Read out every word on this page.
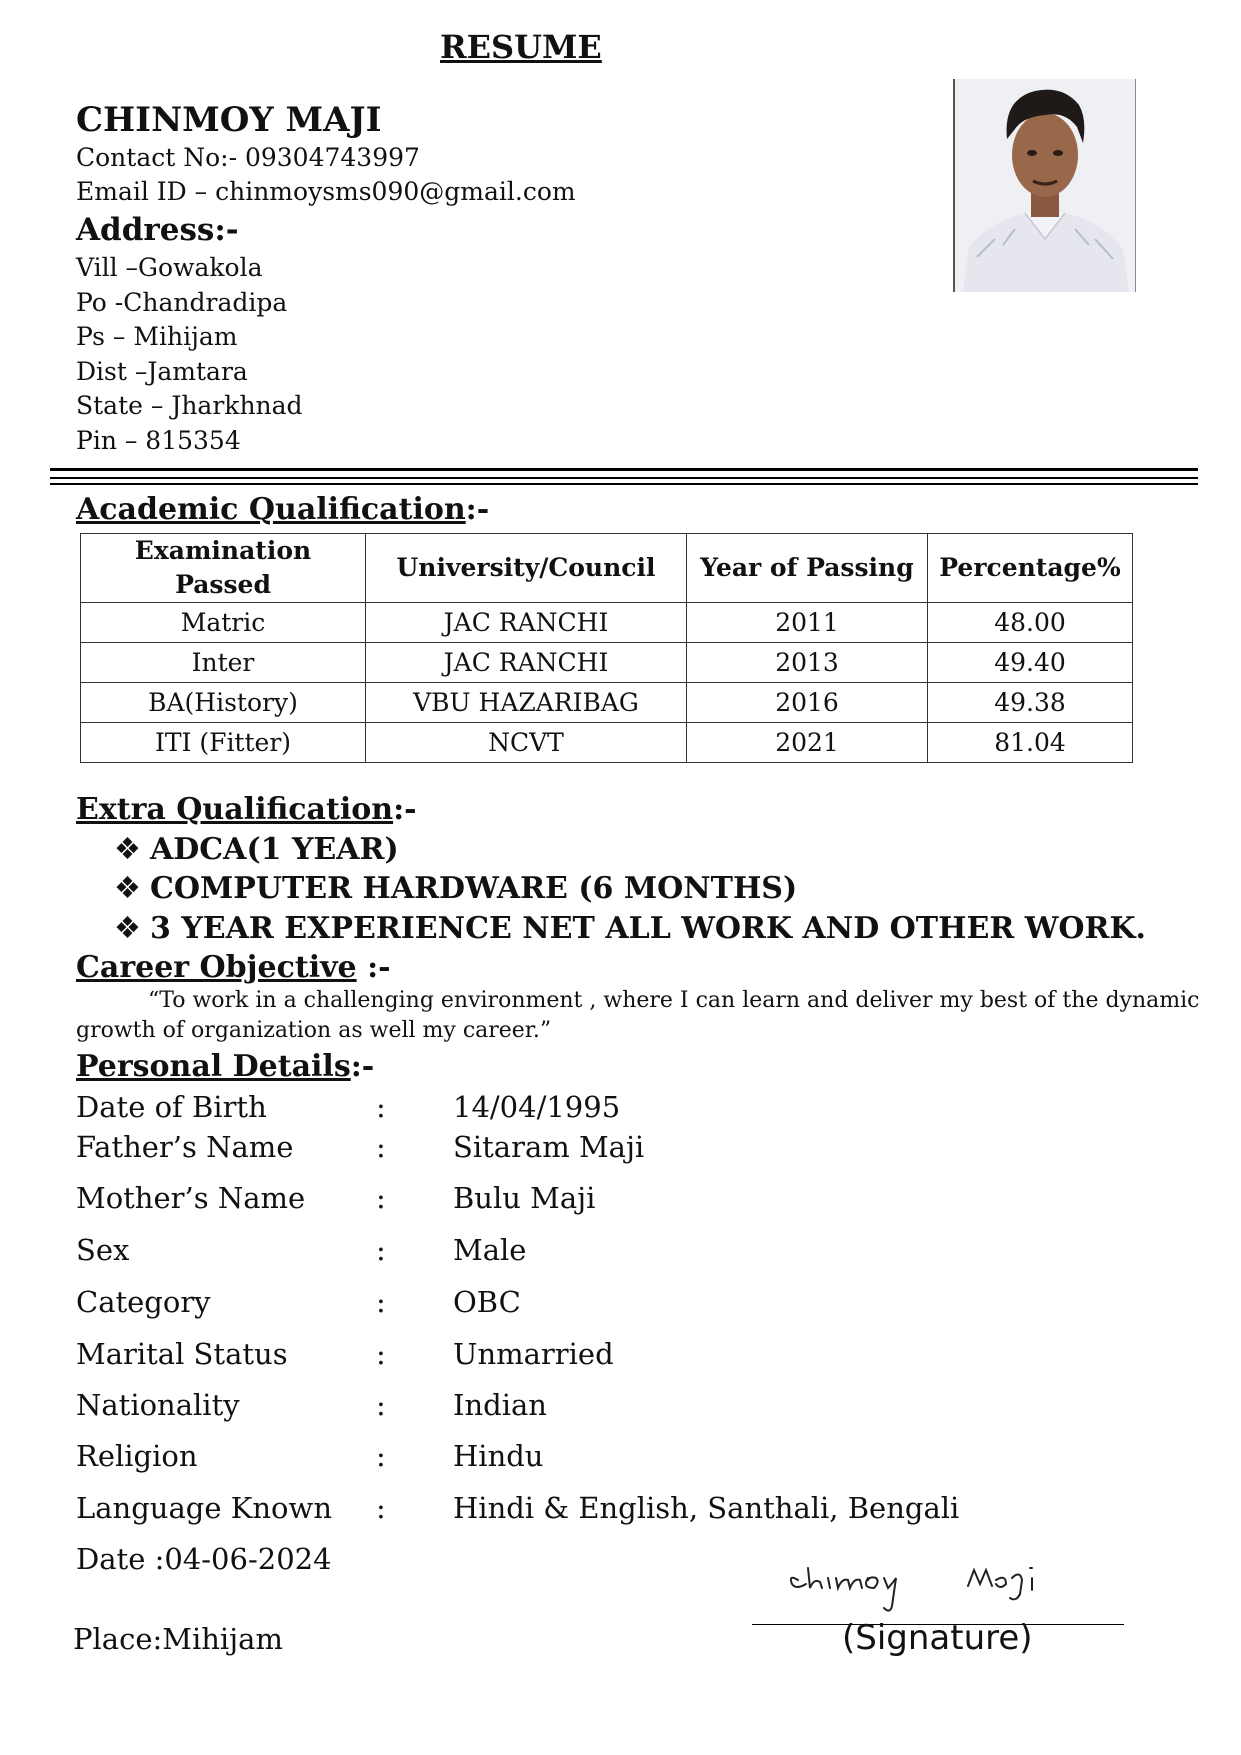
RESUME
CHINMOY MAJI
Contact No:- 09304743997
Email ID – chinmoysms090@gmail.com
Address:-
Vill –Gowakola
Po -Chandradipa
Ps – Mihijam
Dist –Jamtara
State – Jharkhnad
Pin – 815354
Academic Qualification:-
Examination Passed	University/Council	Year of Passing	Percentage%
Matric	JAC RANCHI	2011	48.00
Inter	JAC RANCHI	2013	49.40
BA(History)	VBU HAZARIBAG	2016	49.38
ITI (Fitter)	NCVT	2021	81.04
Extra Qualification:-
❖ ADCA(1 YEAR)
❖ COMPUTER HARDWARE (6 MONTHS)
❖ 3 YEAR EXPERIENCE NET ALL WORK AND OTHER WORK.
Career Objective :-
“To work in a challenging environment , where I can learn and deliver my best of the dynamic
growth of organization as well my career.”
Personal Details:-
Date of Birth	: 14/04/1995
Father’s Name	: Sitaram Maji
Mother’s Name : Bulu Maji
Sex	: Male
Category	: OBC
Marital Status	: Unmarried
Nationality	: Indian
Religion	: Hindu
Language Known : Hindi & English, Santhali, Bengali
Date :04-06-2024
Place:Mihijam	(Signature)
